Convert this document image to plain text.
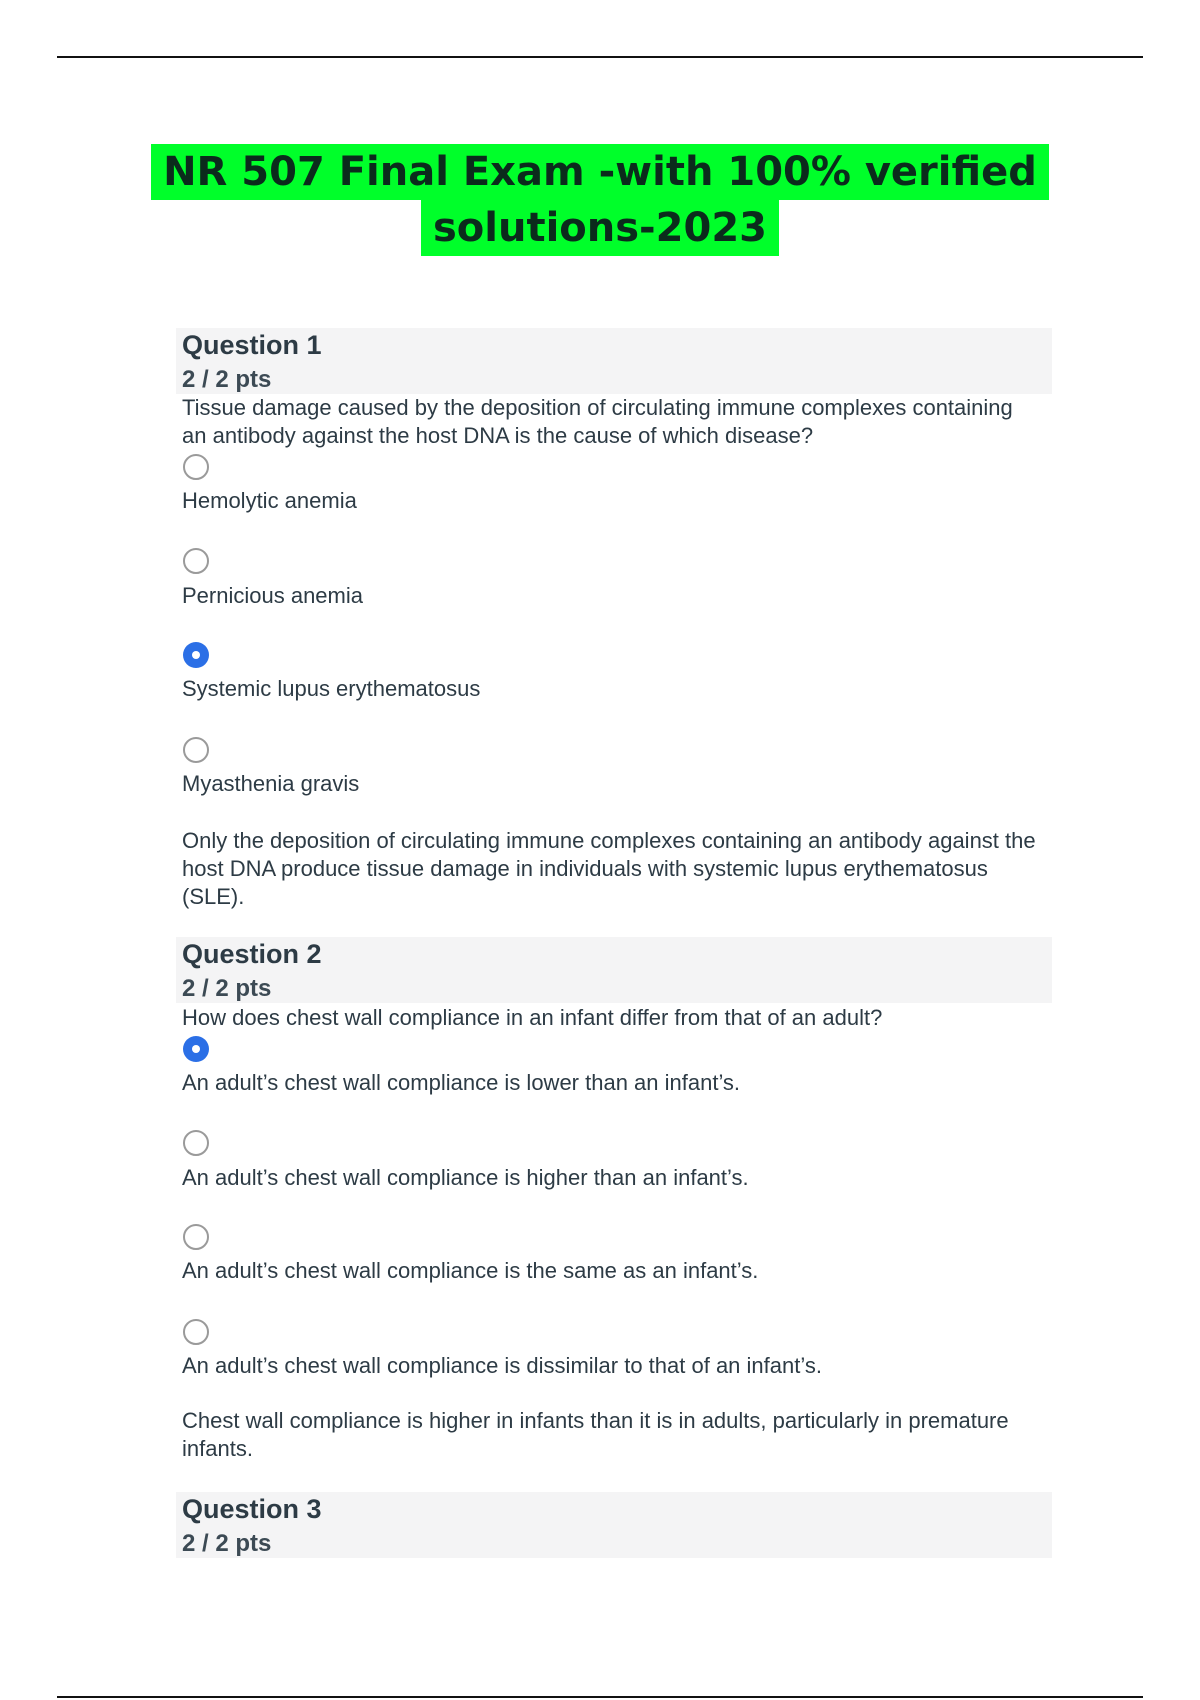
NR 507 Final Exam -with 100% verified
solutions-2023
Question 1
2 / 2 pts
Tissue damage caused by the deposition of circulating immune complexes containing an antibody against the host DNA is the cause of which disease?
Hemolytic anemia
Pernicious anemia
Systemic lupus erythematosus
Myasthenia gravis
Only the deposition of circulating immune complexes containing an antibody against the host DNA produce tissue damage in individuals with systemic lupus erythematosus (SLE).
Question 2
2 / 2 pts
How does chest wall compliance in an infant differ from that of an adult?
An adult’s chest wall compliance is lower than an infant’s.
An adult’s chest wall compliance is higher than an infant’s.
An adult’s chest wall compliance is the same as an infant’s.
An adult’s chest wall compliance is dissimilar to that of an infant’s.
Chest wall compliance is higher in infants than it is in adults, particularly in premature infants.
Question 3
2 / 2 pts
